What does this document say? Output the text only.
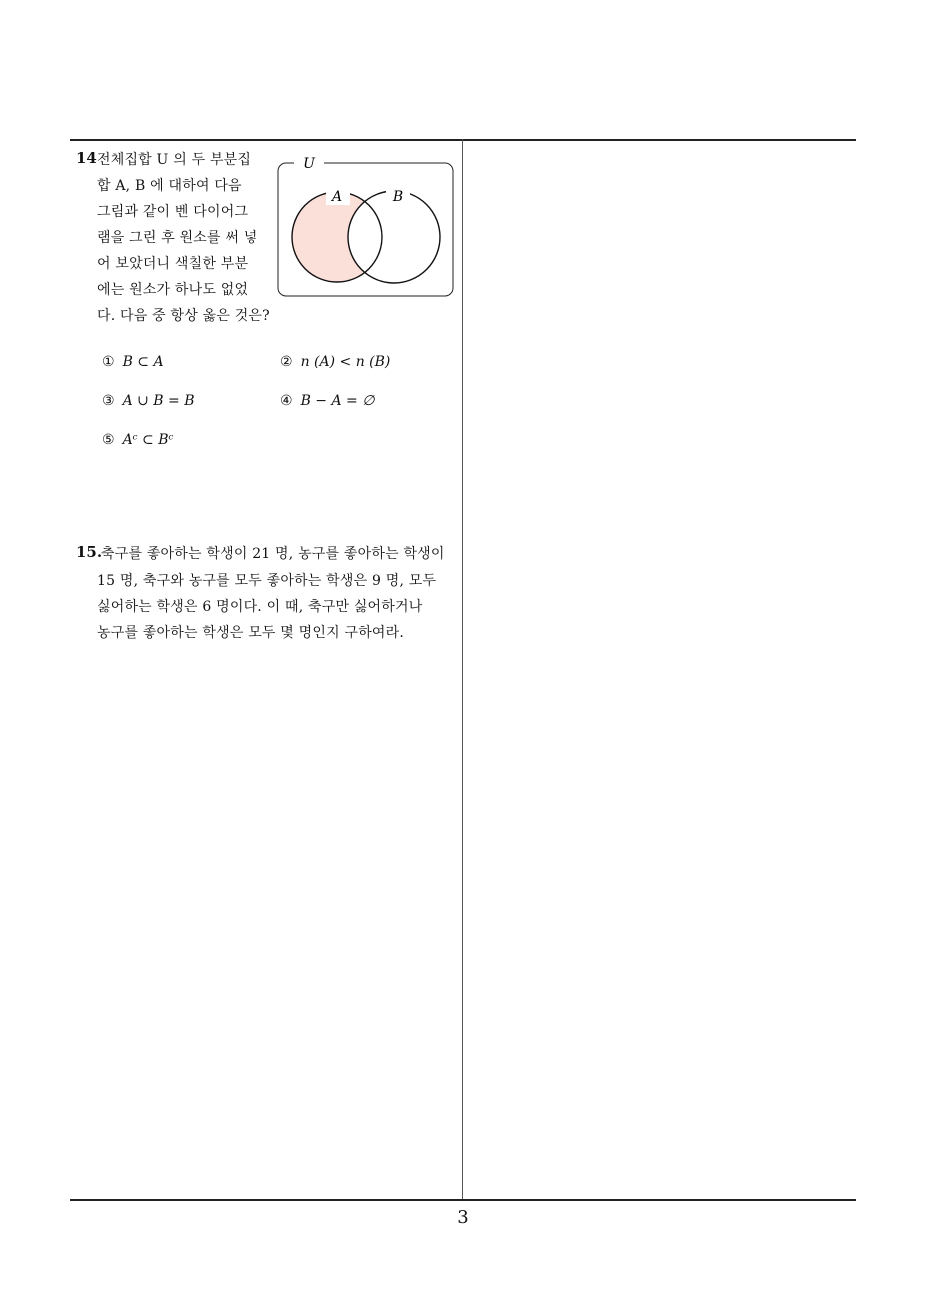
14 전체집합 U 의 두 부분집
합 A, B 에 대하여 다음
그림과 같이 벤 다이어그
램을 그린 후 원소를 써 넣
어 보았더니 색칠한 부분
에는 원소가 하나도 없었
다. 다음 중 항상 옳은 것은?
U
A	B
① B ⊂ A	② n (A) < n (B)
③ A ∪ B = B	④ B − A = ∅
⑤ Aᶜ ⊂ Bᶜ
15.
축구를 좋아하는 학생이 21 명, 농구를 좋아하는 학생이
15 명, 축구와 농구를 모두 좋아하는 학생은 9 명, 모두
싫어하는 학생은 6 명이다. 이 때, 축구만 싫어하거나
농구를 좋아하는 학생은 모두 몇 명인지 구하여라.
3
